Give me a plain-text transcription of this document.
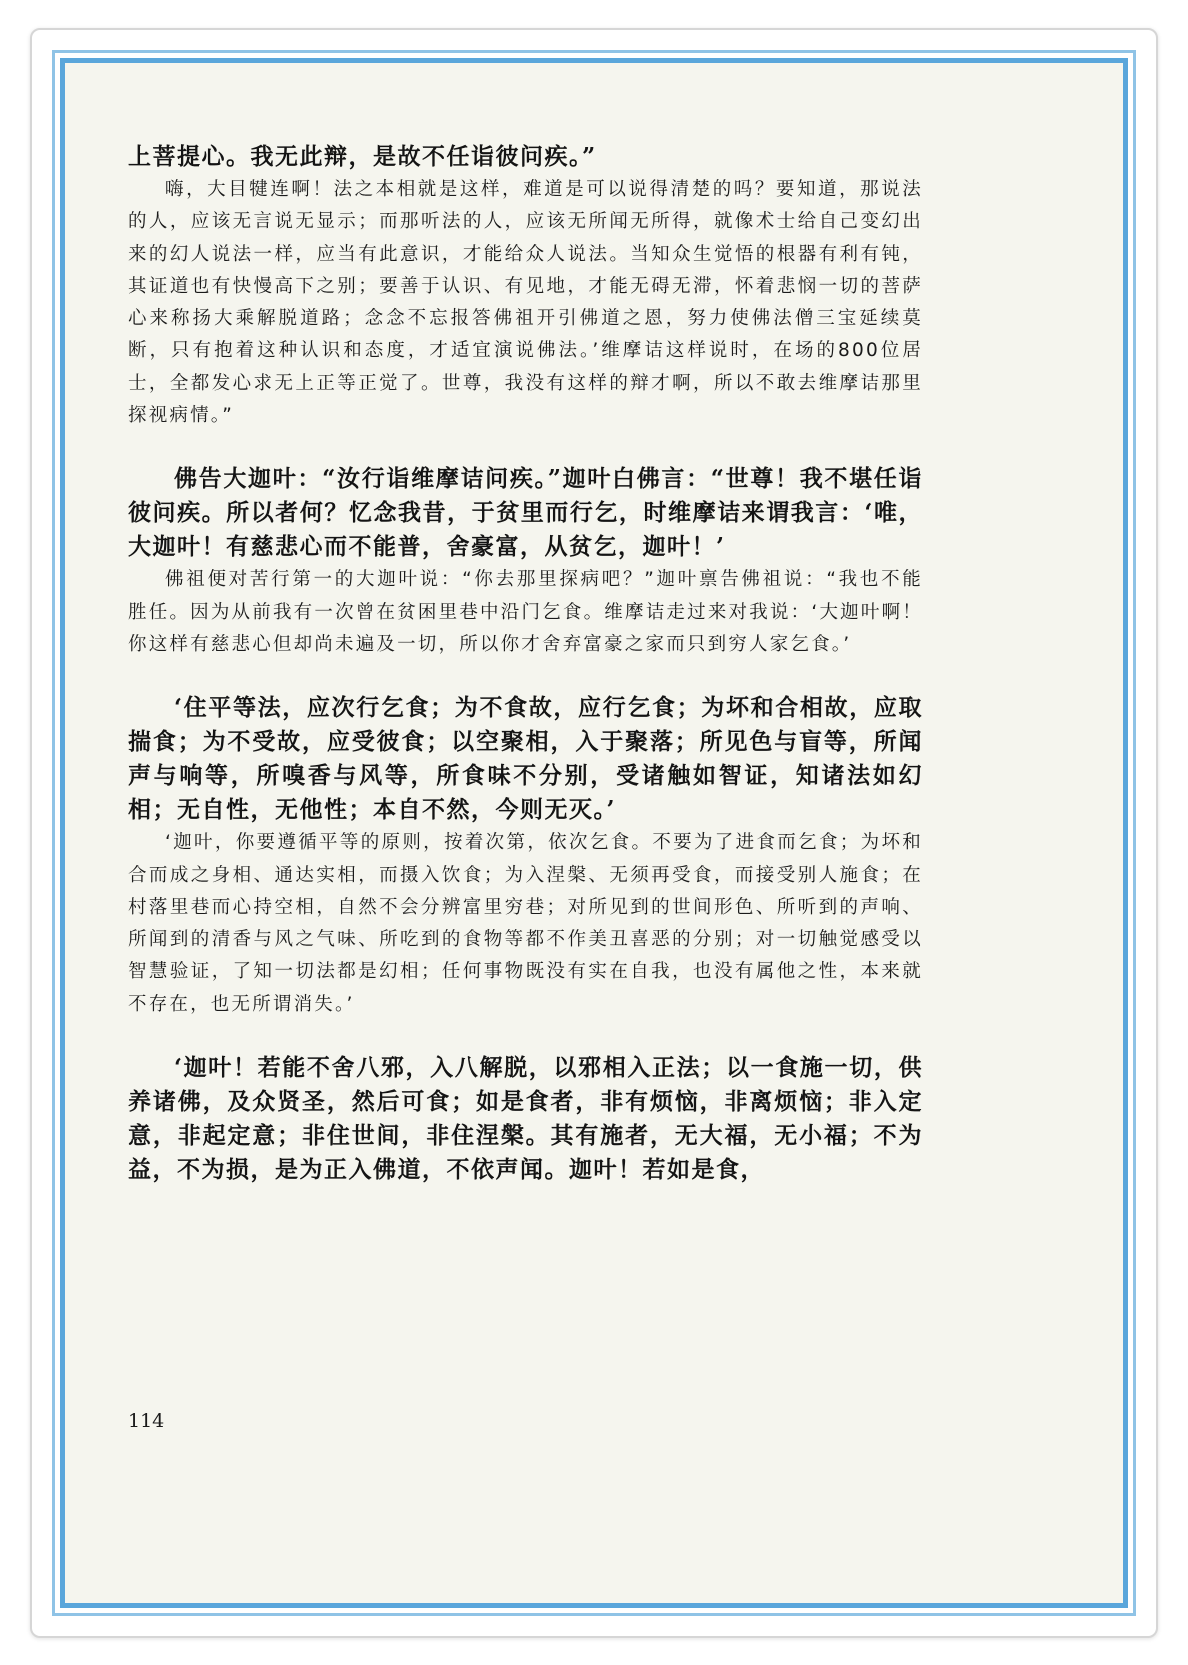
上菩提心。我无此辩，是故不任诣彼问疾。”

嗨，大目犍连啊！法之本相就是这样，难道是可以说得清楚的吗？要知道，那说法的人，应该无言说无显示；而那听法的人，应该无所闻无所得，就像术士给自己变幻出来的幻人说法一样，应当有此意识，才能给众人说法。当知众生觉悟的根器有利有钝，其证道也有快慢高下之别；要善于认识、有见地，才能无碍无滞，怀着悲悯一切的菩萨心来称扬大乘解脱道路；念念不忘报答佛祖开引佛道之恩，努力使佛法僧三宝延续莫断，只有抱着这种认识和态度，才适宜演说佛法。’维摩诘这样说时，在场的800位居士，全都发心求无上正等正觉了。世尊，我没有这样的辩才啊，所以不敢去维摩诘那里探视病情。”

佛告大迦叶：“汝行诣维摩诘问疾。”迦叶白佛言：“世尊！我不堪任诣彼问疾。所以者何？忆念我昔，于贫里而行乞，时维摩诘来谓我言：‘唯，大迦叶！有慈悲心而不能普，舍豪富，从贫乞，迦叶！’

佛祖便对苦行第一的大迦叶说：“你去那里探病吧？”迦叶禀告佛祖说：“我也不能胜任。因为从前我有一次曾在贫困里巷中沿门乞食。维摩诘走过来对我说：‘大迦叶啊！你这样有慈悲心但却尚未遍及一切，所以你才舍弃富豪之家而只到穷人家乞食。’

‘住平等法，应次行乞食；为不食故，应行乞食；为坏和合相故，应取揣食；为不受故，应受彼食；以空聚相，入于聚落；所见色与盲等，所闻声与响等，所嗅香与风等，所食味不分别，受诸触如智证，知诸法如幻相；无自性，无他性；本自不然，今则无灭。’

‘迦叶，你要遵循平等的原则，按着次第，依次乞食。不要为了进食而乞食；为坏和合而成之身相、通达实相，而摄入饮食；为入涅槃、无须再受食，而接受别人施食；在村落里巷而心持空相，自然不会分辨富里穷巷；对所见到的世间形色、所听到的声响、所闻到的清香与风之气味、所吃到的食物等都不作美丑喜恶的分别；对一切触觉感受以智慧验证，了知一切法都是幻相；任何事物既没有实在自我，也没有属他之性，本来就不存在，也无所谓消失。’

‘迦叶！若能不舍八邪，入八解脱，以邪相入正法；以一食施一切，供养诸佛，及众贤圣，然后可食；如是食者，非有烦恼，非离烦恼；非入定意，非起定意；非住世间，非住涅槃。其有施者，无大福，无小福；不为益，不为损，是为正入佛道，不依声闻。迦叶！若如是食，

114
